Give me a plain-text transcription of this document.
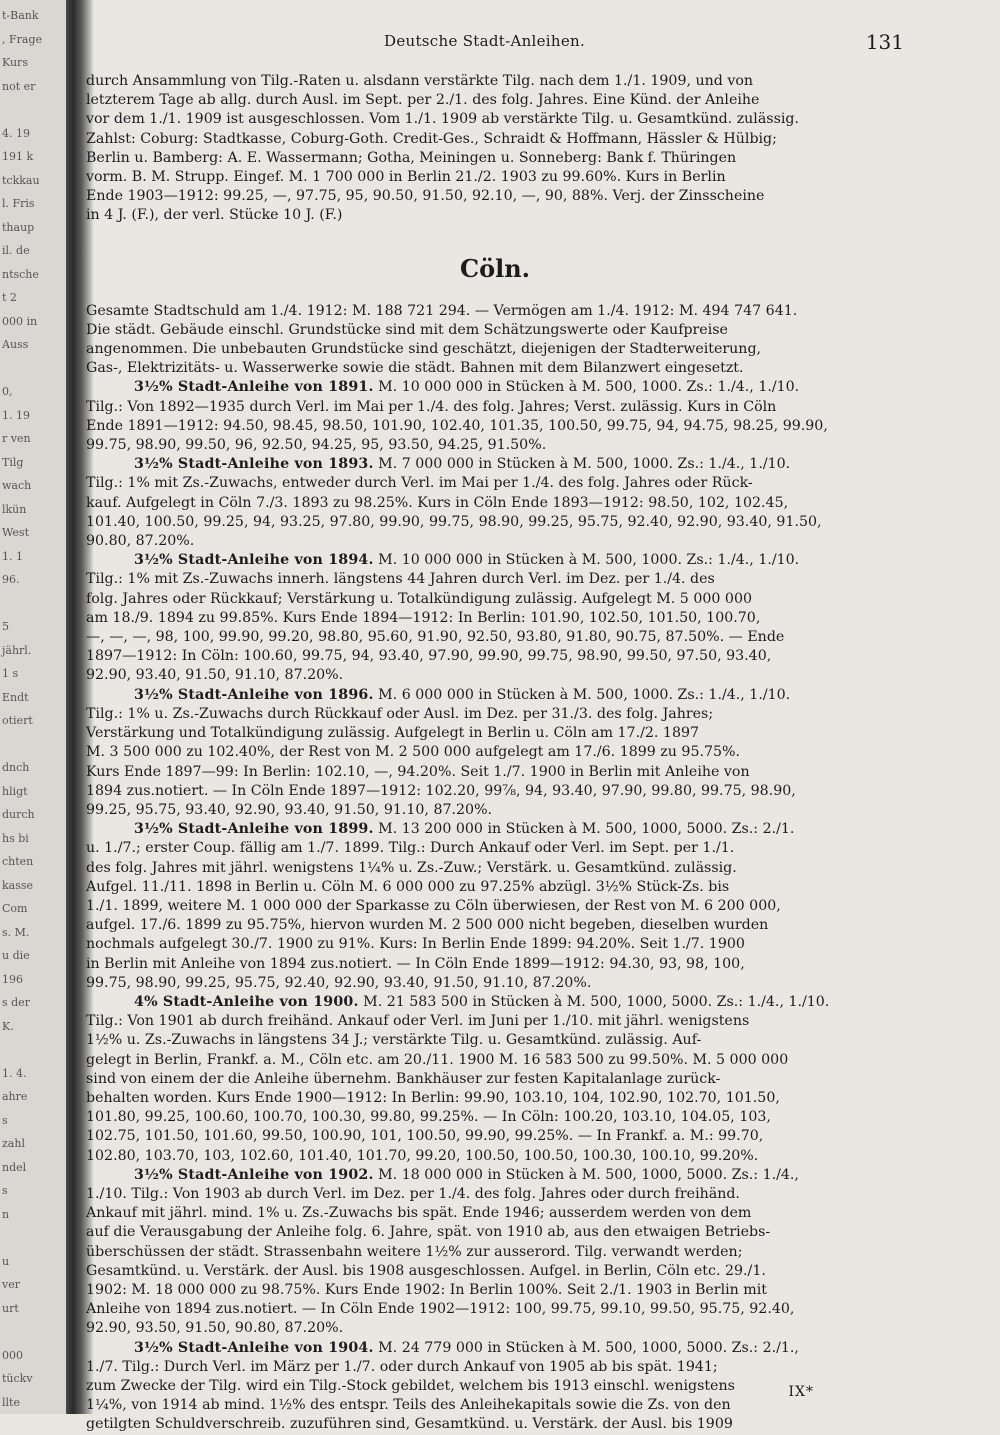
t-Bank
, Frage
Kurs
not er

4. 19
191 k
tckkau
l. Fris
thaup
il. de
ntsche
t 2
000 in
Auss

0,
1. 19
r ven
Tilg
wach
lkün
West
1. 1
96.

5
jährl.
1 s
Endt
otiert

dnch
hligt
durch
hs bi
chten
kasse
Com
s. M.
u die
196
s der
K.

1. 4.
ahre
s
zahl
ndel
s
n

u
ver
urt

000
tückv
llte
Deutsche Stadt-Anleihen.	131
durch Ansammlung von Tilg.-Raten u. alsdann verstärkte Tilg. nach dem 1./1. 1909, und von
letzterem Tage ab allg. durch Ausl. im Sept. per 2./1. des folg. Jahres. Eine Künd. der Anleihe
vor dem 1./1. 1909 ist ausgeschlossen. Vom 1./1. 1909 ab verstärkte Tilg. u. Gesamtkünd. zulässig.
Zahlst: Coburg: Stadtkasse, Coburg-Goth. Credit-Ges., Schraidt & Hoffmann, Hässler & Hülbig;
Berlin u. Bamberg: A. E. Wassermann; Gotha, Meiningen u. Sonneberg: Bank f. Thüringen
vorm. B. M. Strupp. Eingef. M. 1 700 000 in Berlin 21./2. 1903 zu 99.60%. Kurs in Berlin
Ende 1903—1912: 99.25, —, 97.75, 95, 90.50, 91.50, 92.10, —, 90, 88%. Verj. der Zinsscheine
in 4 J. (F.), der verl. Stücke 10 J. (F.)
Cöln.
Gesamte Stadtschuld am 1./4. 1912: M. 188 721 294. — Vermögen am 1./4. 1912: M. 494 747 641.
Die städt. Gebäude einschl. Grundstücke sind mit dem Schätzungswerte oder Kaufpreise
angenommen. Die unbebauten Grundstücke sind geschätzt, diejenigen der Stadterweiterung,
Gas-, Elektrizitäts- u. Wasserwerke sowie die städt. Bahnen mit dem Bilanzwert eingesetzt.
3½% Stadt-Anleihe von 1891. M. 10 000 000 in Stücken à M. 500, 1000. Zs.: 1./4., 1./10.
Tilg.: Von 1892—1935 durch Verl. im Mai per 1./4. des folg. Jahres; Verst. zulässig. Kurs in Cöln
Ende 1891—1912: 94.50, 98.45, 98.50, 101.90, 102.40, 101.35, 100.50, 99.75, 94, 94.75, 98.25, 99.90,
99.75, 98.90, 99.50, 96, 92.50, 94.25, 95, 93.50, 94.25, 91.50%.
3½% Stadt-Anleihe von 1893. M. 7 000 000 in Stücken à M. 500, 1000. Zs.: 1./4., 1./10.
Tilg.: 1% mit Zs.-Zuwachs, entweder durch Verl. im Mai per 1./4. des folg. Jahres oder Rück-
kauf. Aufgelegt in Cöln 7./3. 1893 zu 98.25%. Kurs in Cöln Ende 1893—1912: 98.50, 102, 102.45,
101.40, 100.50, 99.25, 94, 93.25, 97.80, 99.90, 99.75, 98.90, 99.25, 95.75, 92.40, 92.90, 93.40, 91.50,
90.80, 87.20%.
3½% Stadt-Anleihe von 1894. M. 10 000 000 in Stücken à M. 500, 1000. Zs.: 1./4., 1./10.
Tilg.: 1% mit Zs.-Zuwachs innerh. längstens 44 Jahren durch Verl. im Dez. per 1./4. des
folg. Jahres oder Rückkauf; Verstärkung u. Totalkündigung zulässig. Aufgelegt M. 5 000 000
am 18./9. 1894 zu 99.85%. Kurs Ende 1894—1912: In Berlin: 101.90, 102.50, 101.50, 100.70,
—, —, —, 98, 100, 99.90, 99.20, 98.80, 95.60, 91.90, 92.50, 93.80, 91.80, 90.75, 87.50%. — Ende
1897—1912: In Cöln: 100.60, 99.75, 94, 93.40, 97.90, 99.90, 99.75, 98.90, 99.50, 97.50, 93.40,
92.90, 93.40, 91.50, 91.10, 87.20%.
3½% Stadt-Anleihe von 1896. M. 6 000 000 in Stücken à M. 500, 1000. Zs.: 1./4., 1./10.
Tilg.: 1% u. Zs.-Zuwachs durch Rückkauf oder Ausl. im Dez. per 31./3. des folg. Jahres;
Verstärkung und Totalkündigung zulässig. Aufgelegt in Berlin u. Cöln am 17./2. 1897
M. 3 500 000 zu 102.40%, der Rest von M. 2 500 000 aufgelegt am 17./6. 1899 zu 95.75%.
Kurs Ende 1897—99: In Berlin: 102.10, —, 94.20%. Seit 1./7. 1900 in Berlin mit Anleihe von
1894 zus.notiert. — In Cöln Ende 1897—1912: 102.20, 99⅞, 94, 93.40, 97.90, 99.80, 99.75, 98.90,
99.25, 95.75, 93.40, 92.90, 93.40, 91.50, 91.10, 87.20%.
3½% Stadt-Anleihe von 1899. M. 13 200 000 in Stücken à M. 500, 1000, 5000. Zs.: 2./1.
u. 1./7.; erster Coup. fällig am 1./7. 1899. Tilg.: Durch Ankauf oder Verl. im Sept. per 1./1.
des folg. Jahres mit jährl. wenigstens 1¼% u. Zs.-Zuw.; Verstärk. u. Gesamtkünd. zulässig.
Aufgel. 11./11. 1898 in Berlin u. Cöln M. 6 000 000 zu 97.25% abzügl. 3½% Stück-Zs. bis
1./1. 1899, weitere M. 1 000 000 der Sparkasse zu Cöln überwiesen, der Rest von M. 6 200 000,
aufgel. 17./6. 1899 zu 95.75%, hiervon wurden M. 2 500 000 nicht begeben, dieselben wurden
nochmals aufgelegt 30./7. 1900 zu 91%. Kurs: In Berlin Ende 1899: 94.20%. Seit 1./7. 1900
in Berlin mit Anleihe von 1894 zus.notiert. — In Cöln Ende 1899—1912: 94.30, 93, 98, 100,
99.75, 98.90, 99.25, 95.75, 92.40, 92.90, 93.40, 91.50, 91.10, 87.20%.
4% Stadt-Anleihe von 1900. M. 21 583 500 in Stücken à M. 500, 1000, 5000. Zs.: 1./4., 1./10.
Tilg.: Von 1901 ab durch freihänd. Ankauf oder Verl. im Juni per 1./10. mit jährl. wenigstens
1½% u. Zs.-Zuwachs in längstens 34 J.; verstärkte Tilg. u. Gesamtkünd. zulässig. Auf-
gelegt in Berlin, Frankf. a. M., Cöln etc. am 20./11. 1900 M. 16 583 500 zu 99.50%. M. 5 000 000
sind von einem der die Anleihe übernehm. Bankhäuser zur festen Kapitalanlage zurück-
behalten worden. Kurs Ende 1900—1912: In Berlin: 99.90, 103.10, 104, 102.90, 102.70, 101.50,
101.80, 99.25, 100.60, 100.70, 100.30, 99.80, 99.25%. — In Cöln: 100.20, 103.10, 104.05, 103,
102.75, 101.50, 101.60, 99.50, 100.90, 101, 100.50, 99.90, 99.25%. — In Frankf. a. M.: 99.70,
102.80, 103.70, 103, 102.60, 101.40, 101.70, 99.20, 100.50, 100.50, 100.30, 100.10, 99.20%.
3½% Stadt-Anleihe von 1902. M. 18 000 000 in Stücken à M. 500, 1000, 5000. Zs.: 1./4.,
1./10. Tilg.: Von 1903 ab durch Verl. im Dez. per 1./4. des folg. Jahres oder durch freihänd.
Ankauf mit jährl. mind. 1% u. Zs.-Zuwachs bis spät. Ende 1946; ausserdem werden von dem
auf die Verausgabung der Anleihe folg. 6. Jahre, spät. von 1910 ab, aus den etwaigen Betriebs-
überschüssen der städt. Strassenbahn weitere 1½% zur ausserord. Tilg. verwandt werden;
Gesamtkünd. u. Verstärk. der Ausl. bis 1908 ausgeschlossen. Aufgel. in Berlin, Cöln etc. 29./1.
1902: M. 18 000 000 zu 98.75%. Kurs Ende 1902: In Berlin 100%. Seit 2./1. 1903 in Berlin mit
Anleihe von 1894 zus.notiert. — In Cöln Ende 1902—1912: 100, 99.75, 99.10, 99.50, 95.75, 92.40,
92.90, 93.50, 91.50, 90.80, 87.20%.
3½% Stadt-Anleihe von 1904. M. 24 779 000 in Stücken à M. 500, 1000, 5000. Zs.: 2./1.,
1./7. Tilg.: Durch Verl. im März per 1./7. oder durch Ankauf von 1905 ab bis spät. 1941;
zum Zwecke der Tilg. wird ein Tilg.-Stock gebildet, welchem bis 1913 einschl. wenigstens
1¼%, von 1914 ab mind. 1½% des entspr. Teils des Anleihekapitals sowie die Zs. von den
getilgten Schuldverschreib. zuzuführen sind, Gesamtkünd. u. Verstärk. der Ausl. bis 1909
IX*
